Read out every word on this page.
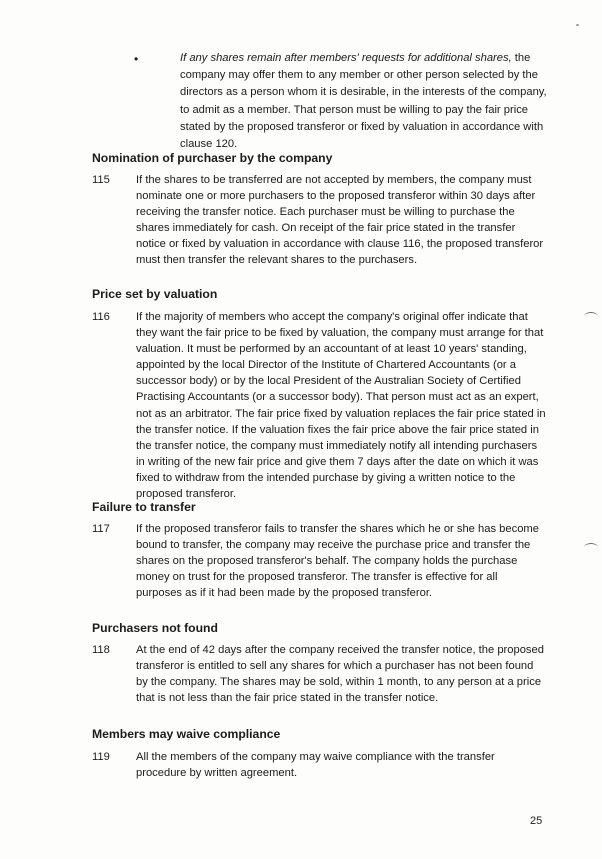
•	If any shares remain after members' requests for additional shares, the company may offer them to any member or other person selected by the directors as a person whom it is desirable, in the interests of the company, to admit as a member. That person must be willing to pay the fair price stated by the proposed transferor or fixed by valuation in accordance with clause 120.

Nomination of purchaser by the company

115 If the shares to be transferred are not accepted by members, the company must nominate one or more purchasers to the proposed transferor within 30 days after receiving the transfer notice. Each purchaser must be willing to purchase the shares immediately for cash. On receipt of the fair price stated in the transfer notice or fixed by valuation in accordance with clause 116, the proposed transferor must then transfer the relevant shares to the purchasers.

Price set by valuation

116 If the majority of members who accept the company's original offer indicate that they want the fair price to be fixed by valuation, the company must arrange for that valuation. It must be performed by an accountant of at least 10 years' standing, appointed by the local Director of the Institute of Chartered Accountants (or a successor body) or by the local President of the Australian Society of Certified Practising Accountants (or a successor body). That person must act as an expert, not as an arbitrator. The fair price fixed by valuation replaces the fair price stated in the transfer notice. If the valuation fixes the fair price above the fair price stated in the transfer notice, the company must immediately notify all intending purchasers in writing of the new fair price and give them 7 days after the date on which it was fixed to withdraw from the intended purchase by giving a written notice to the proposed transferor.

Failure to transfer

117 If the proposed transferor fails to transfer the shares which he or she has become bound to transfer, the company may receive the purchase price and transfer the shares on the proposed transferor's behalf. The company holds the purchase money on trust for the proposed transferor. The transfer is effective for all purposes as if it had been made by the proposed transferor.

Purchasers not found

118 At the end of 42 days after the company received the transfer notice, the proposed transferor is entitled to sell any shares for which a purchaser has not been found by the company. The shares may be sold, within 1 month, to any person at a price that is not less than the fair price stated in the transfer notice.

Members may waive compliance

119 All the members of the company may waive compliance with the transfer procedure by written agreement.

25
